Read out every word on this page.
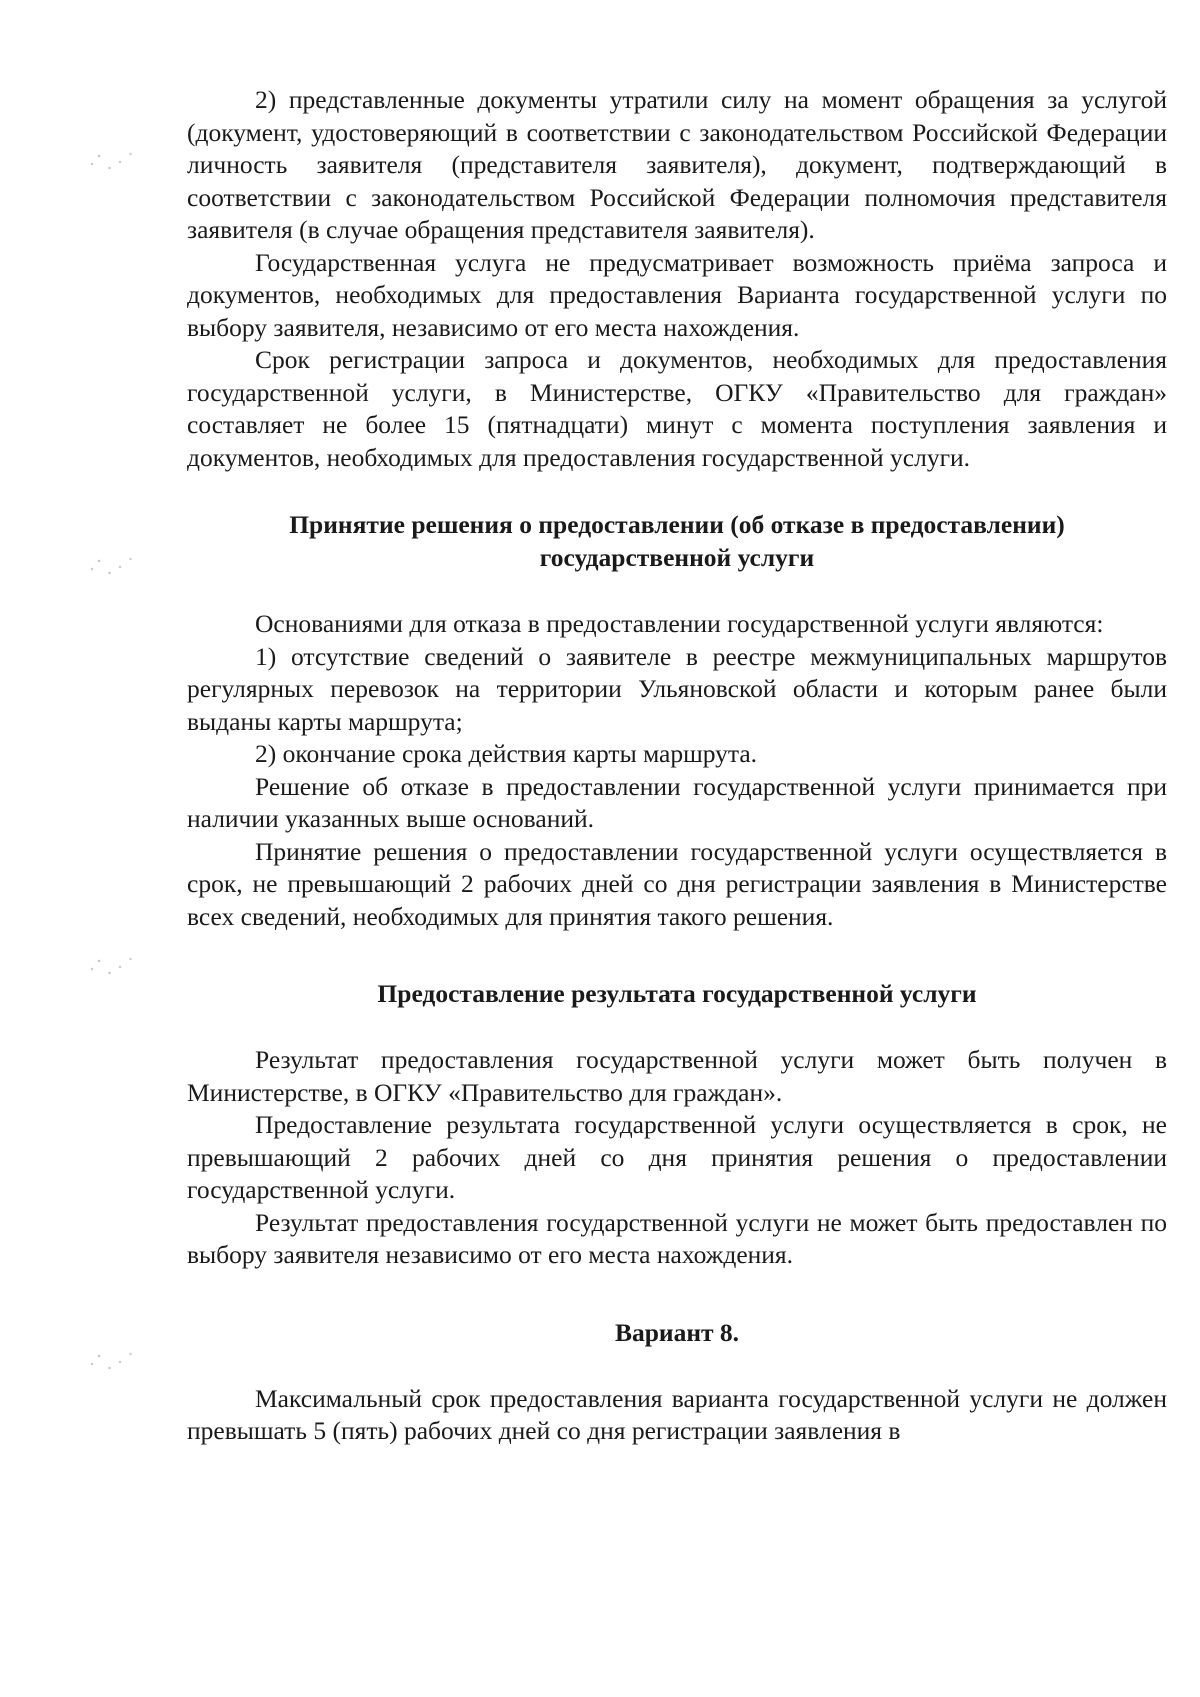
2) представленные документы утратили силу на момент обращения за услугой (документ, удостоверяющий в соответствии с законодательством Российской Федерации личность заявителя (представителя заявителя), документ, подтверждающий в соответствии с законодательством Российской Федерации полномочия представителя заявителя (в случае обращения представителя заявителя).

Государственная услуга не предусматривает возможность приёма запроса и документов, необходимых для предоставления Варианта государственной услуги по выбору заявителя, независимо от его места нахождения.

Срок регистрации запроса и документов, необходимых для предоставления государственной услуги, в Министерстве, ОГКУ «Правительство для граждан» составляет не более 15 (пятнадцати) минут с момента поступления заявления и документов, необходимых для предоставления государственной услуги.

Принятие решения о предоставлении (об отказе в предоставлении)

государственной услуги

Основаниями для отказа в предоставлении государственной услуги являются:

1) отсутствие сведений о заявителе в реестре межмуниципальных маршрутов регулярных перевозок на территории Ульяновской области и которым ранее были выданы карты маршрута;

2) окончание срока действия карты маршрута.

Решение об отказе в предоставлении государственной услуги принимается при наличии указанных выше оснований.

Принятие решения о предоставлении государственной услуги осуществляется в срок, не превышающий 2 рабочих дней со дня регистрации заявления в Министерстве всех сведений, необходимых для принятия такого решения.

Предоставление результата государственной услуги

Результат предоставления государственной услуги может быть получен в Министерстве, в ОГКУ «Правительство для граждан».

Предоставление результата государственной услуги осуществляется в срок, не превышающий 2 рабочих дней со дня принятия решения о предоставлении государственной услуги.

Результат предоставления государственной услуги не может быть предоставлен по выбору заявителя независимо от его места нахождения.

Вариант 8.

Максимальный срок предоставления варианта государственной услуги не должен превышать 5 (пять) рабочих дней со дня регистрации заявления в
